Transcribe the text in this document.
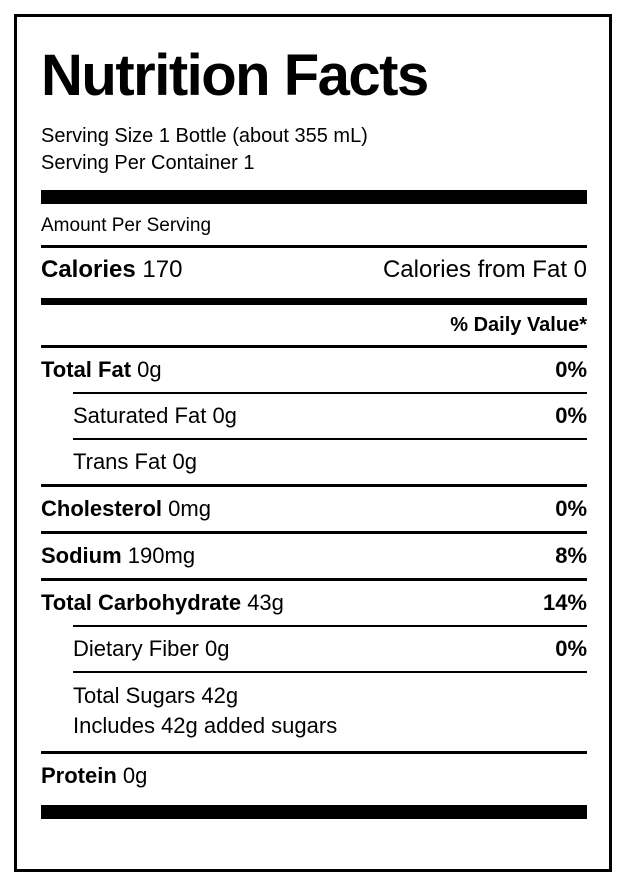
Nutrition Facts
Serving Size 1 Bottle (about 355 mL)
Serving Per Container 1
Amount Per Serving
Calories 170	Calories from Fat 0
% Daily Value*
Total Fat 0g	0%
Saturated Fat 0g	0%
Trans Fat 0g
Cholesterol 0mg	0%
Sodium 190mg	8%
Total Carbohydrate 43g	14%
Dietary Fiber 0g	0%
Total Sugars 42g
Includes 42g added sugars
Protein 0g
